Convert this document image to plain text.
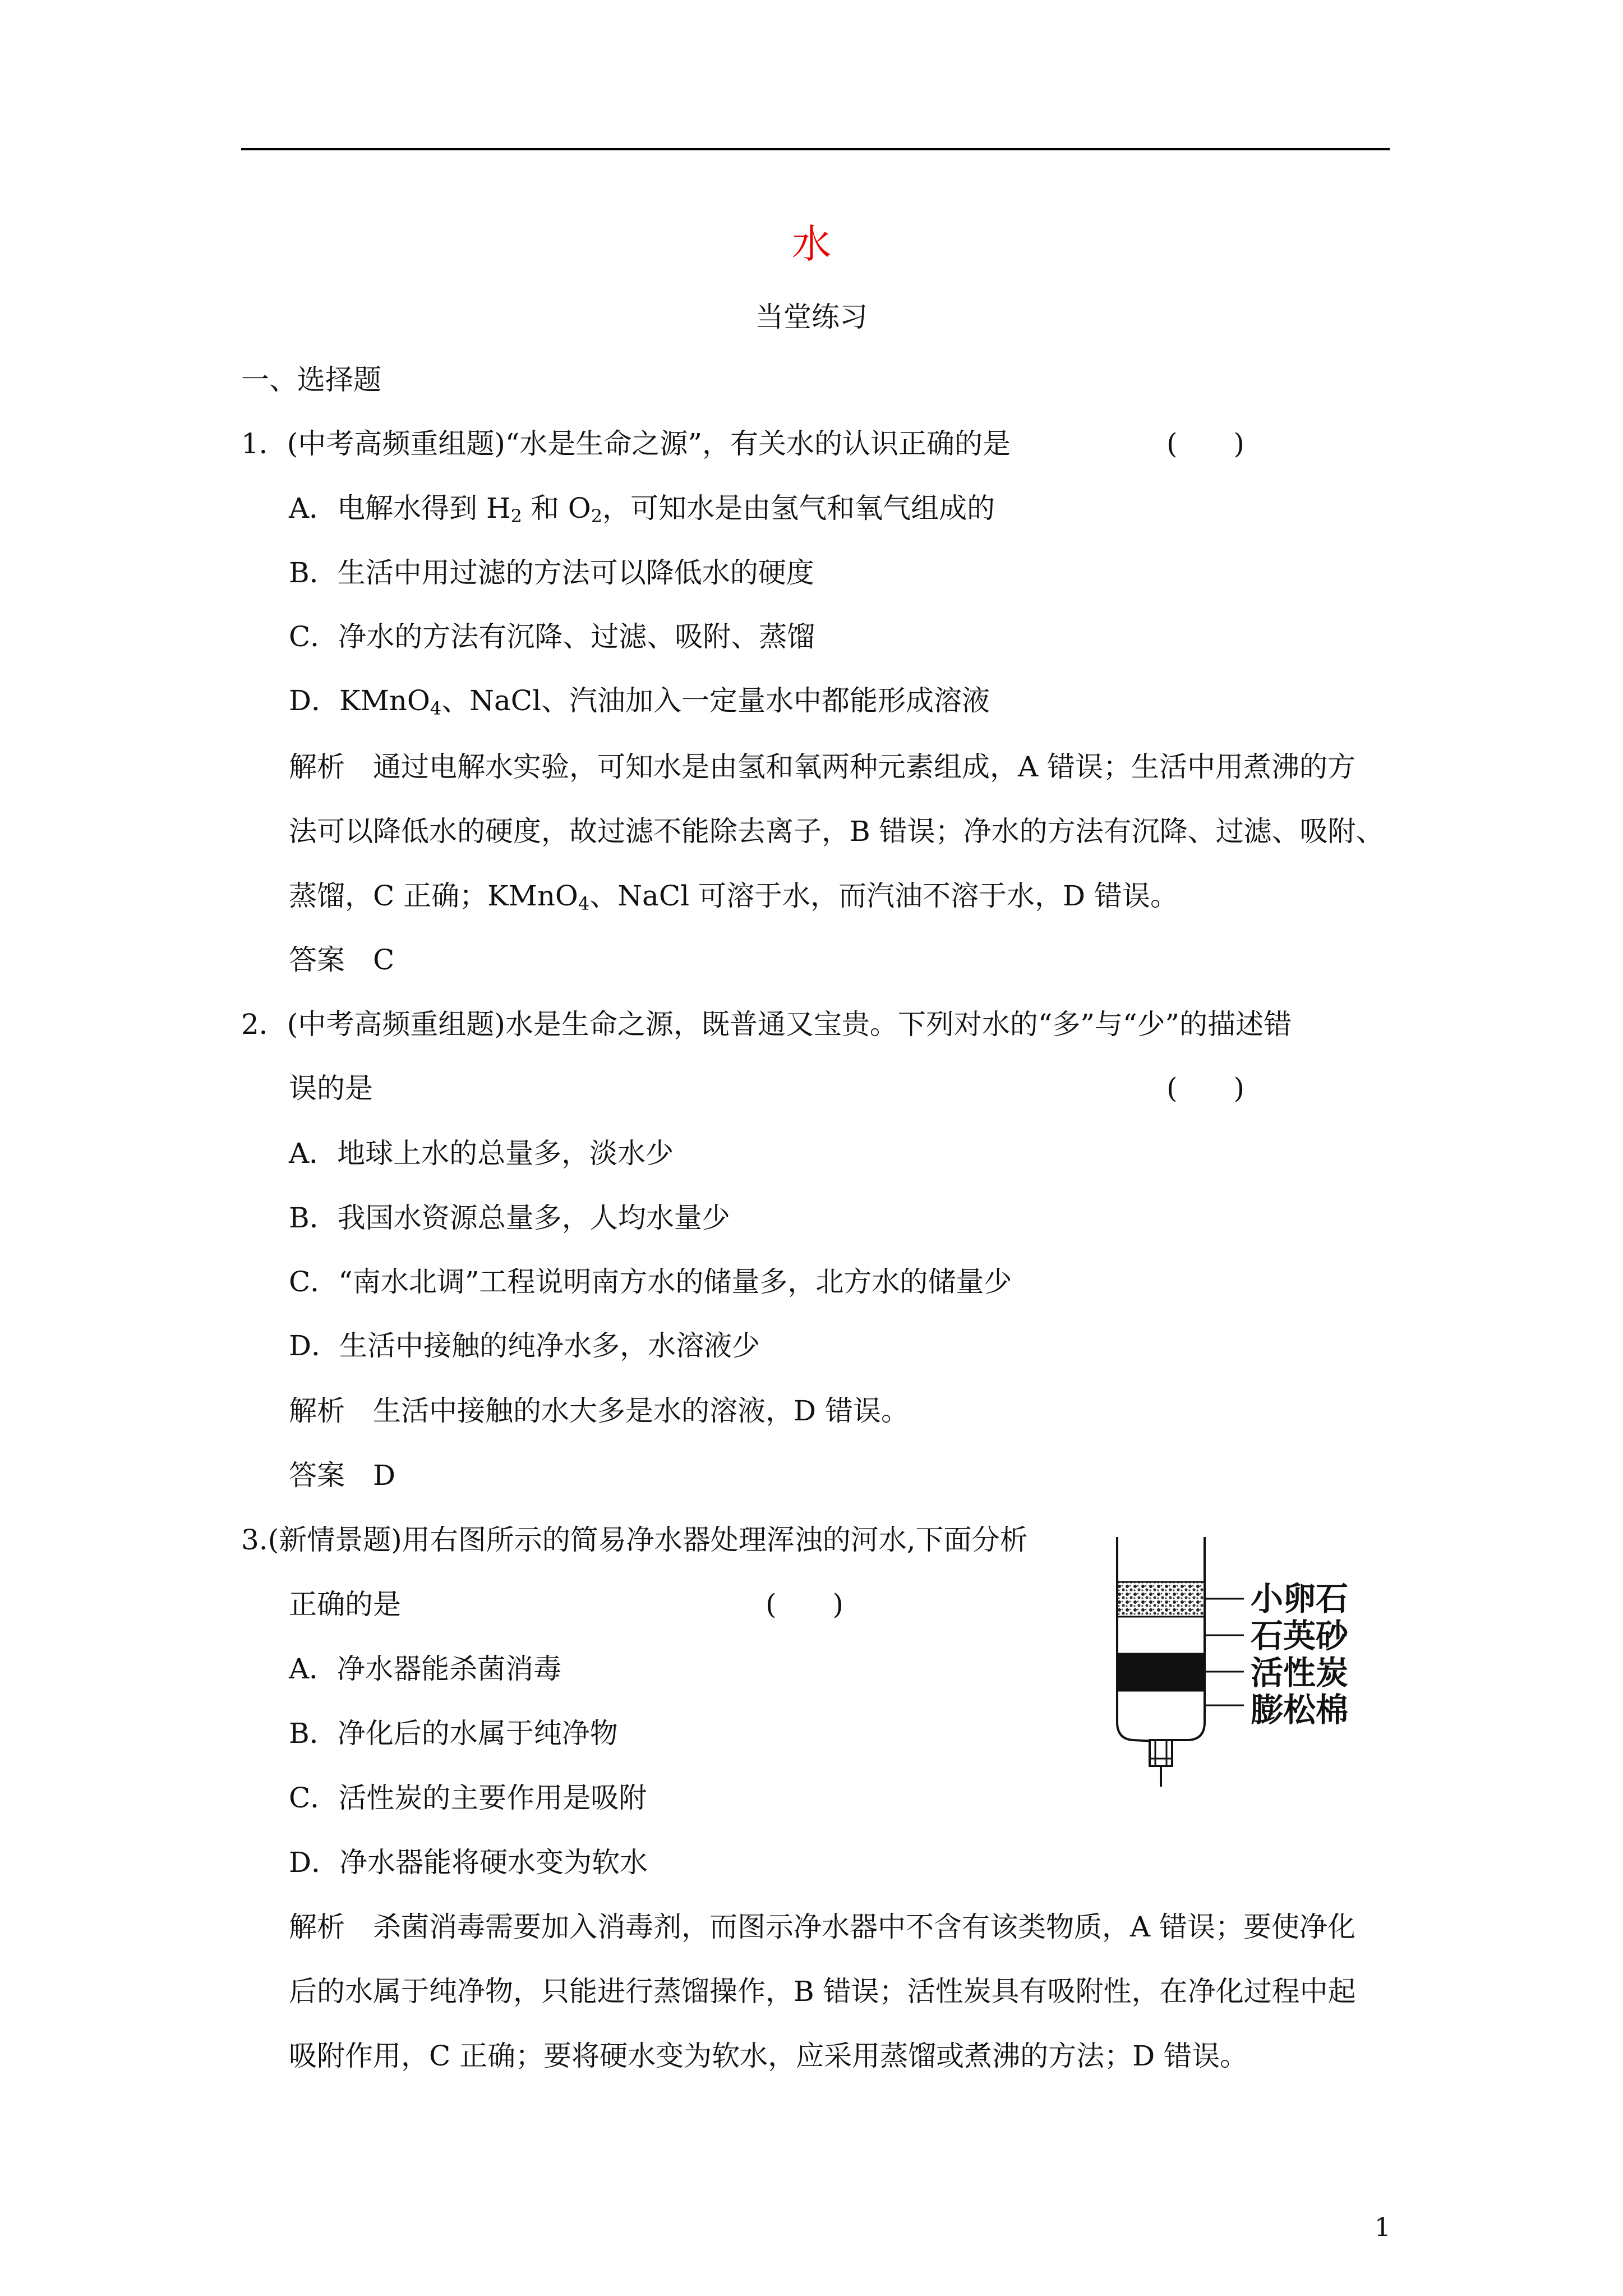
水
当堂练习
一、选择题
1．(中考高频重组题)“水是生命之源”，有关水的认识正确的是	(　　)
A．电解水得到 $H_2$ 和 $O_2$，可知水是由氢气和氧气组成的
B．生活中用过滤的方法可以降低水的硬度
C．净水的方法有沉降、过滤、吸附、蒸馏
D．KMnO$_4$、NaCl、汽油加入一定量水中都能形成溶液
解析　通过电解水实验，可知水是由氢和氧两种元素组成，A 错误；生活中用煮沸的方
法可以降低水的硬度，故过滤不能除去离子，B 错误；净水的方法有沉降、过滤、吸附、
蒸馏，C 正确；KMnO$_4$、NaCl 可溶于水，而汽油不溶于水，D 错误。
答案　C
2．(中考高频重组题)水是生命之源，既普通又宝贵。下列对水的“多”与“少”的描述错
误的是	(　　)
A．地球上水的总量多，淡水少
B．我国水资源总量多，人均水量少
C．“南水北调”工程说明南方水的储量多，北方水的储量少
D．生活中接触的纯净水多，水溶液少
解析　生活中接触的水大多是水的溶液，D 错误。
答案　D
3.(新情景题)用右图所示的简易净水器处理浑浊的河水,下面分析
正确的是	(　　)
A．净水器能杀菌消毒
B．净化后的水属于纯净物
C．活性炭的主要作用是吸附
D．净水器能将硬水变为软水
解析　杀菌消毒需要加入消毒剂，而图示净水器中不含有该类物质，A 错误；要使净化
后的水属于纯净物，只能进行蒸馏操作，B 错误；活性炭具有吸附性，在净化过程中起
吸附作用，C 正确；要将硬水变为软水，应采用蒸馏或煮沸的方法；D 错误。
小卵石
石英砂
活性炭
膨松棉
1
